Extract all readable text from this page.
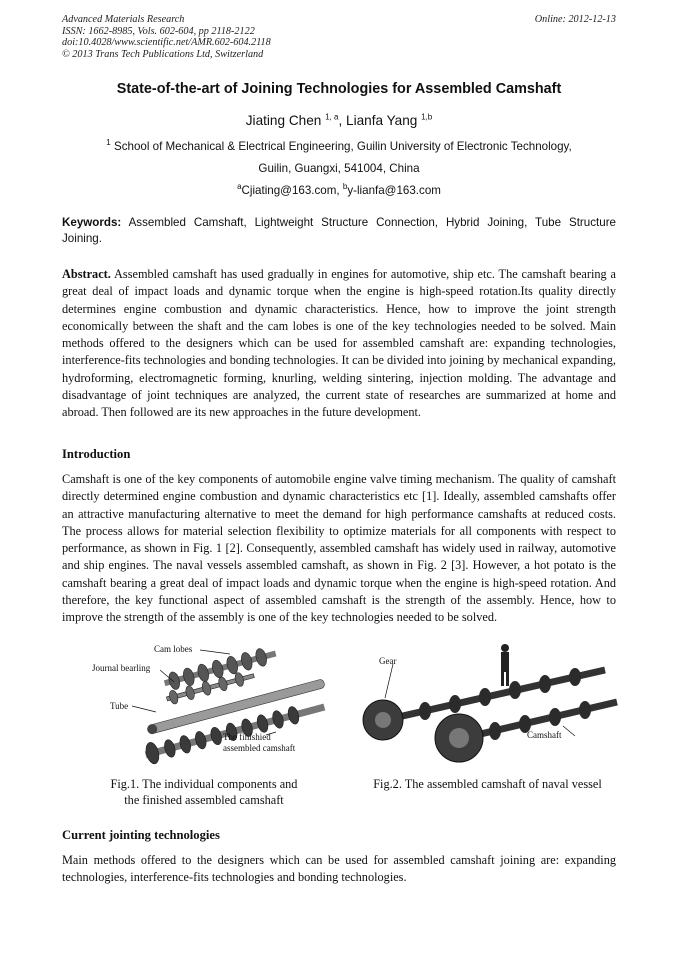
Advanced Materials Research	Online: 2012-12-13
ISSN: 1662-8985, Vols. 602-604, pp 2118-2122
doi:10.4028/www.scientific.net/AMR.602-604.2118
© 2013 Trans Tech Publications Ltd, Switzerland
State-of-the-art of Joining Technologies for Assembled Camshaft
Jiating Chen $^{1, a}$, Lianfa Yang $^{1,b}$
$^1$ School of Mechanical & Electrical Engineering, Guilin University of Electronic Technology,
Guilin, Guangxi, 541004, China
$^a$Cjiating@163.com, $^b$y-lianfa@163.com
Keywords: Assembled Camshaft, Lightweight Structure Connection, Hybrid Joining, Tube Structure Joining.
Abstract. Assembled camshaft has used gradually in engines for automotive, ship etc. The camshaft bearing a great deal of impact loads and dynamic torque when the engine is high-speed rotation.Its quality directly determines engine combustion and dynamic characteristics. Hence, how to improve the joint strength economically between the shaft and the cam lobes is one of the key technologies needed to be solved. Main methods offered to the designers which can be used for assembled camshaft are: expanding technologies, interference-fits technologies and bonding technologies. It can be divided into joining by mechanical expanding, hydroforming, electromagnetic forming, knurling, welding sintering, injection molding. The advantage and disadvantage of joint techniques are analyzed, the current state of researches are summarized at home and abroad. Then followed are its new approaches in the future development.
Introduction
Camshaft is one of the key components of automobile engine valve timing mechanism. The quality of camshaft directly determined engine combustion and dynamic characteristics etc [1]. Ideally, assembled camshafts offer an attractive manufacturing alternative to meet the demand for high performance camshafts at reduced costs. The process allows for material selection flexibility to optimize materials for all components with respect to performance, as shown in Fig. 1 [2]. Consequently, assembled camshaft has widely used in railway, automotive and ship engines. The naval vessels assembled camshaft, as shown in Fig. 2 [3]. However, a hot potato is the camshaft bearing a great deal of impact loads and dynamic torque when the engine is high-speed rotation. And therefore, the key functional aspect of assembled camshaft is the strength of the assembly. Hence, how to improve the strength of the assembly is one of the key technologies needed to be solved.
Cam lobes
Journal bearling
Tube
The finishied
assembled camshaft
Gear
Camshaft
Fig.1. The individual components and
the finished assembled camshaft
Fig.2. The assembled camshaft of naval vessel
Current jointing technologies
Main methods offered to the designers which can be used for assembled camshaft joining are: expanding technologies, interference-fits technologies and bonding technologies.
